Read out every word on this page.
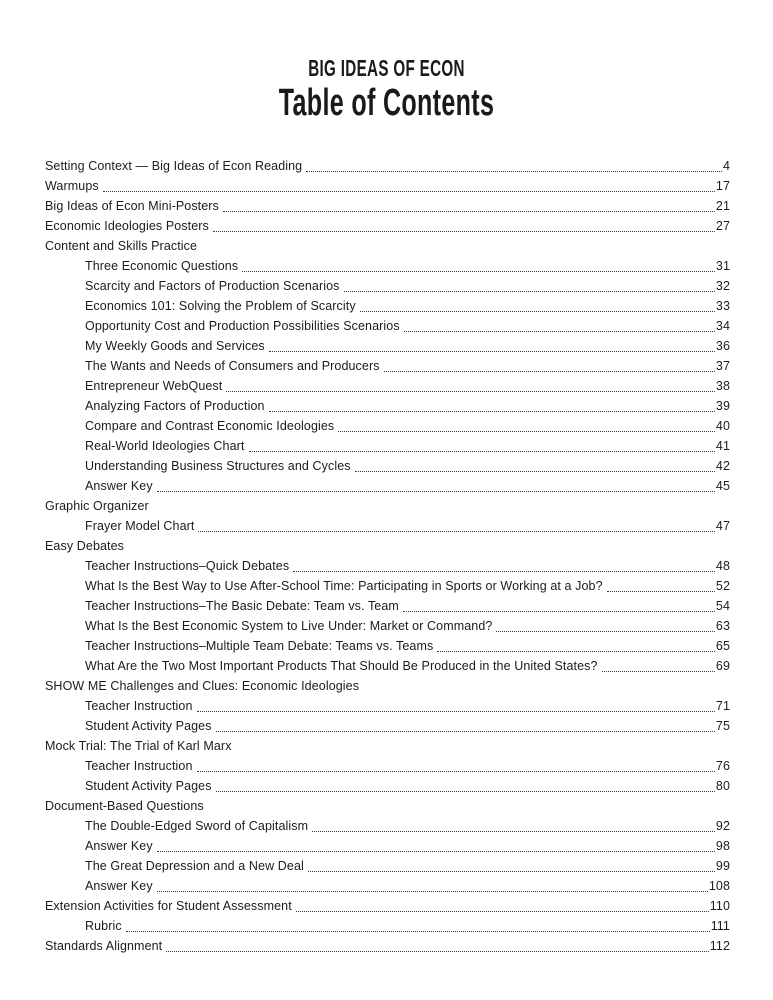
BIG IDEAS OF ECON
Table of Contents
Setting Context — Big Ideas of Econ Reading	4
Warmups	17
Big Ideas of Econ Mini-Posters	21
Economic Ideologies Posters	27
Content and Skills Practice
Three Economic Questions	31
Scarcity and Factors of Production Scenarios	32
Economics 101: Solving the Problem of Scarcity	33
Opportunity Cost and Production Possibilities Scenarios	34
My Weekly Goods and Services	36
The Wants and Needs of Consumers and Producers	37
Entrepreneur WebQuest	38
Analyzing Factors of Production	39
Compare and Contrast Economic Ideologies	40
Real-World Ideologies Chart	41
Understanding Business Structures and Cycles	42
Answer Key	45
Graphic Organizer
Frayer Model Chart	47
Easy Debates
Teacher Instructions–Quick Debates	48
What Is the Best Way to Use After-School Time: Participating in Sports or Working at a Job?	52
Teacher Instructions–The Basic Debate: Team vs. Team	54
What Is the Best Economic System to Live Under: Market or Command?	63
Teacher Instructions–Multiple Team Debate: Teams vs. Teams	65
What Are the Two Most Important Products That Should Be Produced in the United States?	69
SHOW ME Challenges and Clues: Economic Ideologies
Teacher Instruction	71
Student Activity Pages	75
Mock Trial: The Trial of Karl Marx
Teacher Instruction	76
Student Activity Pages	80
Document-Based Questions
The Double-Edged Sword of Capitalism	92
Answer Key	98
The Great Depression and a New Deal	99
Answer Key	108
Extension Activities for Student Assessment	110
Rubric	111
Standards Alignment	112
